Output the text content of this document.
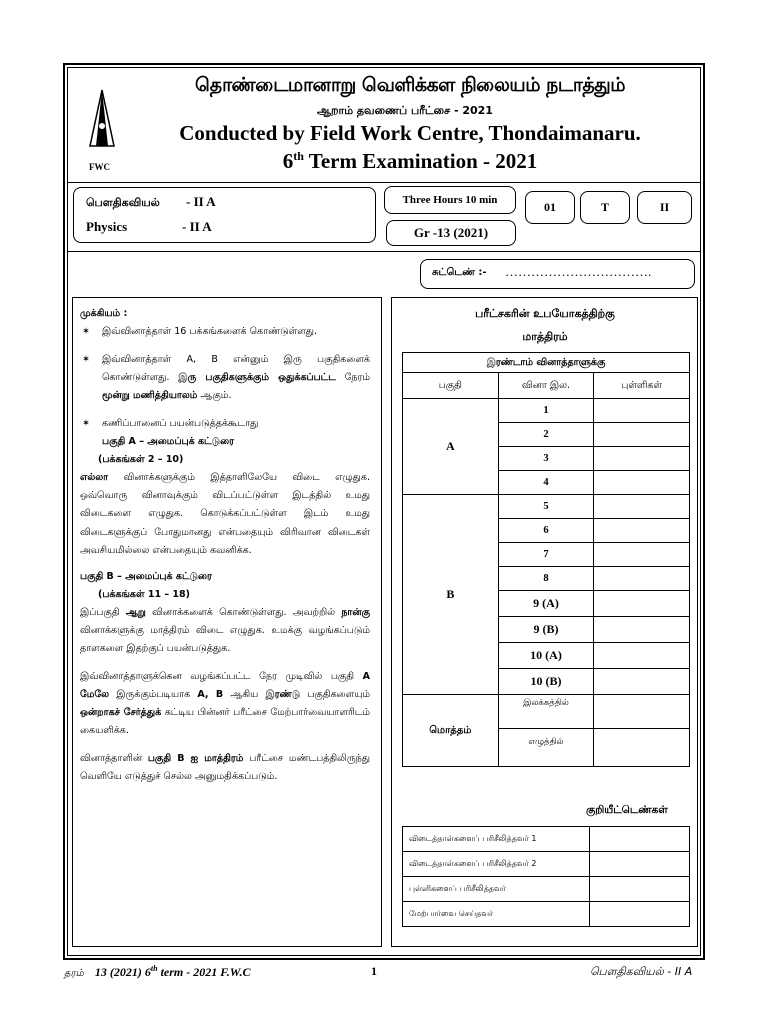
FWC
தொண்டைமானாறு வெளிக்கள நிலையம் நடாத்தும்
ஆறாம் தவணைப் பரீட்சை - 2021
Conducted by Field Work Centre, Thondaimanaru.
6th Term Examination - 2021
பௌதிகவியல் - II A
Physics	- II A
Three Hours 10 min
Gr -13 (2021)
01	T	II
சுட்டெண் :- …………………………….

முக்கியம் :

✶ இவ்வினாத்தாள் 16 பக்கங்களைக் கொண்டுள்ளது.

✶ இவ்வினாத்தாள் A, B என்னும் இரு பகுதிகளைக் கொண்டுள்ளது. இரு பகுதிகளுக்கும் ஒதுக்கப்பட்ட நேரம் மூன்று மணித்தியாலம் ஆகும்.

✶ கணிப்பானைப் பயன்படுத்தக்கூடாது

பகுதி A – அமைப்புக் கட்டுரை

(பக்கங்கள் 2 – 10)

எல்லா வினாக்களுக்கும் இத்தாளிலேயே விடை எழுதுக. ஒவ்வொரு வினாவுக்கும் விடப்பட்டுள்ள இடத்தில் உமது விடைகளை எழுதுக. கொடுக்கப்பட்டுள்ள இடம் உமது விடைகளுக்குப் போதுமானது என்பதையும் விரிவான விடைகள் அவசியமில்லை என்பதையும் கவனிக்க.

பகுதி B – அமைப்புக் கட்டுரை

(பக்கங்கள் 11 – 18)

இப்பகுதி ஆறு வினாக்களைக் கொண்டுள்ளது. அவற்றில் நான்கு வினாக்களுக்கு மாத்திரம் விடை எழுதுக. உமக்கு வழங்கப்படும் தாளகளை இதற்குப் பயன்படுத்துக.

இவ்வினாத்தாளுக்கென வழங்கப்பட்ட நேர முடிவில் பகுதி A மேலே இருக்கும்படியாக A, B ஆகிய இரண்டு பகுதிகளையும் ஒன்றாகச் சேர்த்துக் கட்டிய பின்னர் பரீட்சை மேற்பார்வையாளரிடம் கையளிக்க.

வினாத்தாளின் பகுதி B ஐ மாத்திரம் பரீட்சை மண்டபத்திலிருந்து வெளியே எடுத்துச் செல்ல அனுமதிக்கப்படும்.

பரீட்சகரின் உபயோகத்திற்கு
மாத்திரம்
இரண்டாம் வினாத்தாளுக்கு		
பகுதி	வினா இல.	புள்ளிகள்
A	1	
	2	
	3	
	4	
B	5	
	6	
	7	
	8	
	9 (A)	
	9 (B)	
	10 (A)	
	10 (B)	
மொத்தம்	இலக்கத்தில்	
	எழுத்தில்	
குறியீட்டெண்கள்
விடைத்தாள்களைப் பரிசீலித்தவர் 1	
விடைத்தாள்களைப் பரிசீலித்தவர் 2	
புள்ளிகளைப் பரிசீலித்தவர்	
மேற்பார்வை செய்தவர்	
தரம் 13 (2021) 6th term - 2021 F.W.C	1	பௌதிகவியல் - II A
